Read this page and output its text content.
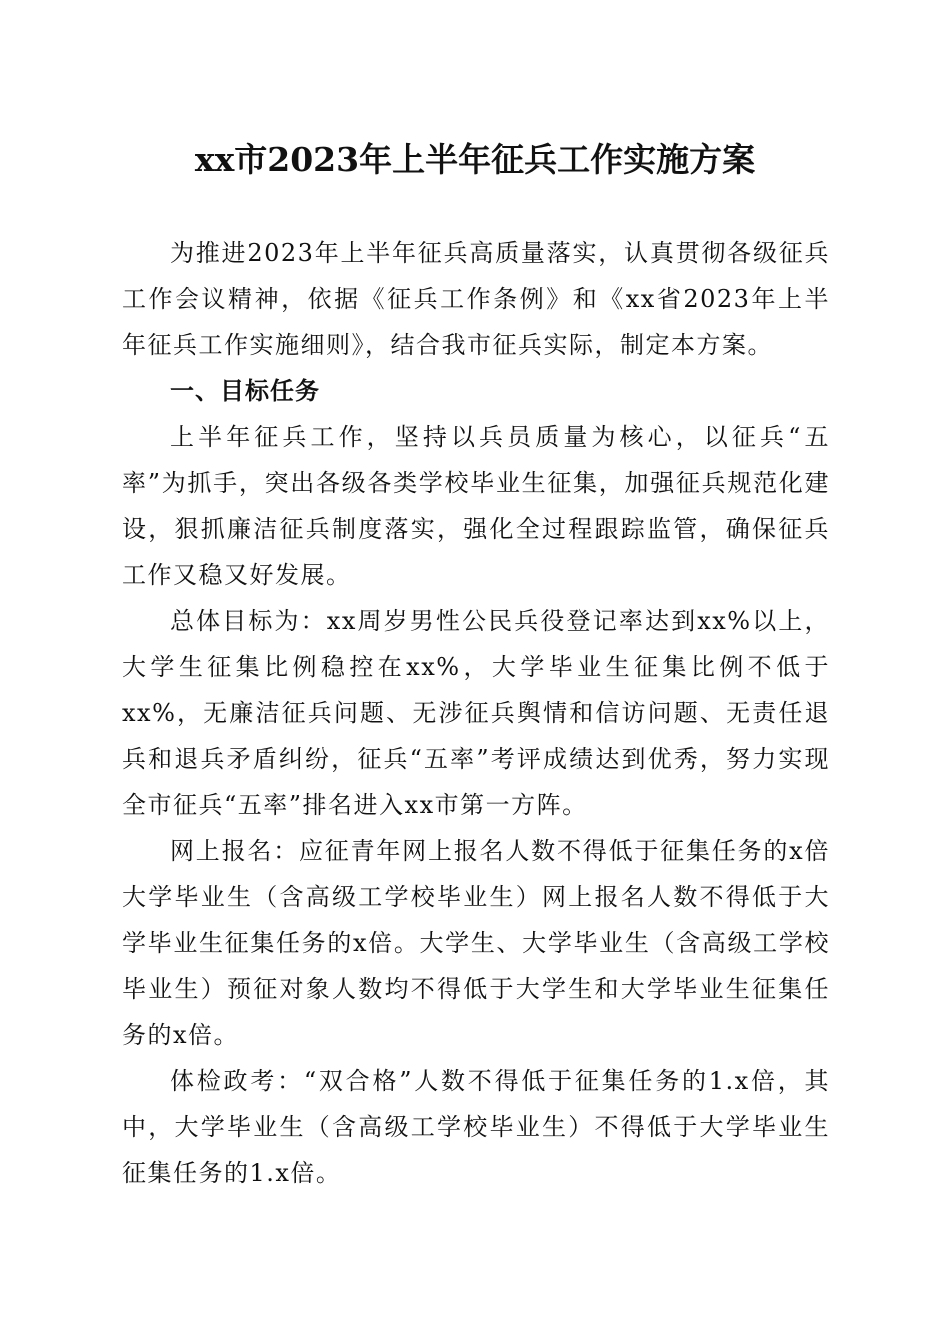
xx市2023年上半年征兵工作实施方案

为推进2023年上半年征兵高质量落实，认真贯彻各级征兵工作会议精神，依据《征兵工作条例》和《xx省2023年上半年征兵工作实施细则》，结合我市征兵实际，制定本方案。

一、目标任务

上半年征兵工作，坚持以兵员质量为核心，以征兵“五率”为抓手，突出各级各类学校毕业生征集，加强征兵规范化建设，狠抓廉洁征兵制度落实，强化全过程跟踪监管，确保征兵工作又稳又好发展。

总体目标为：xx周岁男性公民兵役登记率达到xx%以上，大学生征集比例稳控在xx%，大学毕业生征集比例不低于xx%，无廉洁征兵问题、无涉征兵舆情和信访问题、无责任退兵和退兵矛盾纠纷，征兵“五率”考评成绩达到优秀，努力实现全市征兵“五率”排名进入xx市第一方阵。

网上报名：应征青年网上报名人数不得低于征集任务的x倍大学毕业生（含高级工学校毕业生）网上报名人数不得低于大学毕业生征集任务的x倍。大学生、大学毕业生（含高级工学校毕业生）预征对象人数均不得低于大学生和大学毕业生征集任务的x倍。

体检政考：“双合格”人数不得低于征集任务的1.x倍，其中，大学毕业生（含高级工学校毕业生）不得低于大学毕业生征集任务的1.x倍。
